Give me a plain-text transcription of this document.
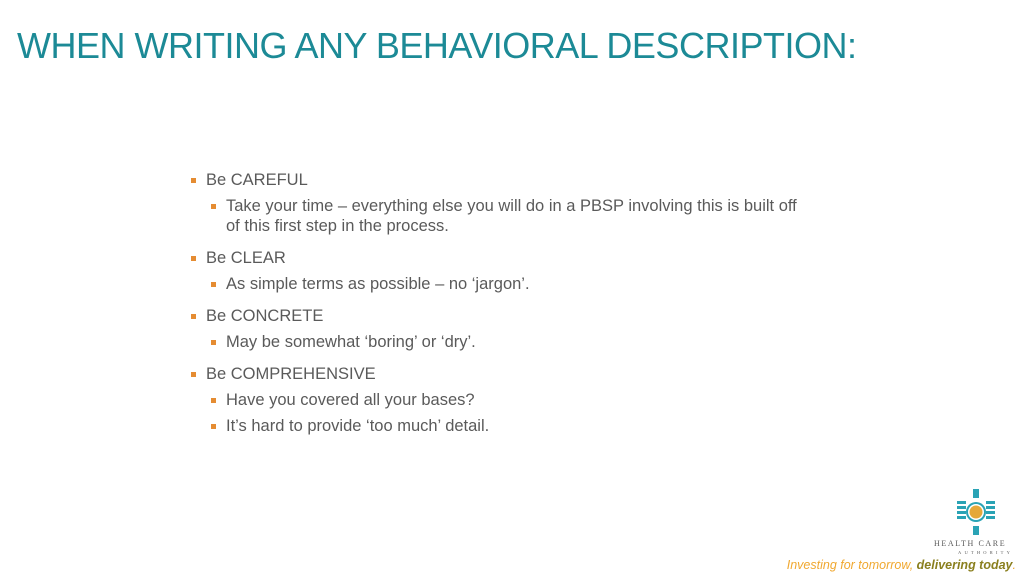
WHEN WRITING ANY BEHAVIORAL DESCRIPTION:
Be CAREFUL
Take your time – everything else you will do in a PBSP involving this is built off of this first step in the process.
Be CLEAR
As simple terms as possible – no ‘jargon’.
Be CONCRETE
May be somewhat ‘boring’ or ‘dry’.
Be COMPREHENSIVE
Have you covered all your bases?
It’s hard to provide ‘too much’ detail.
HEALTH CARE
AUTHORITY
Investing for tomorrow, delivering today.
